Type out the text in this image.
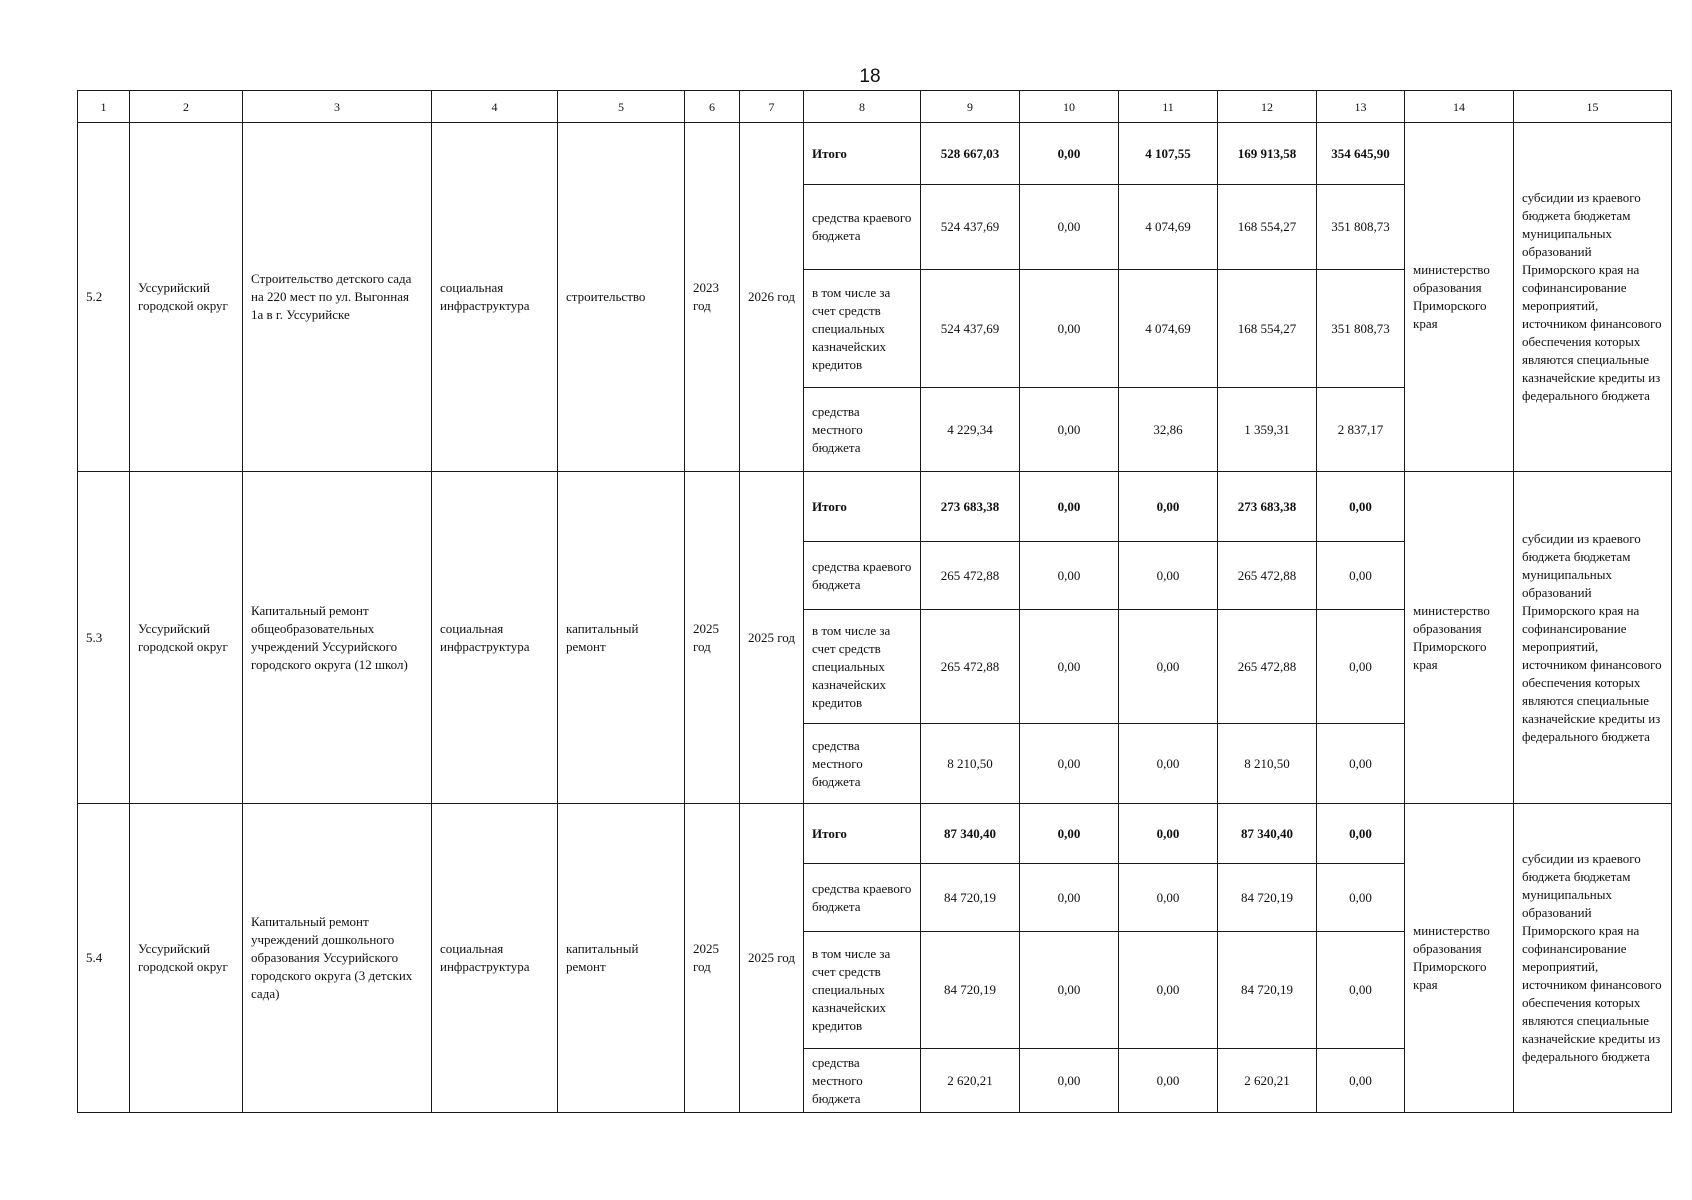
18
1	2	3	4	5	6	7	8	9	10	11	12	13	14	15
5.2	Уссурийский городской округ	Строительство детского сада на 220 мест по ул. Выгонная 1а в г. Уссурийске	социальная инфраструктура	строительство	2023 год	2026 год	Итого	528 667,03	0,00	4 107,55	169 913,58	354 645,90	министерство образования Приморского края	субсидии из краевого бюджета бюджетам муниципальных образований Приморского края на софинансирование мероприятий, источником финансового обеспечения которых являются специальные казначейские кредиты из федерального бюджета
							средства краевого бюджета	524 437,69	0,00	4 074,69	168 554,27	351 808,73		
							в том числе за счет средств специальных казначейских кредитов	524 437,69	0,00	4 074,69	168 554,27	351 808,73		
							средства местного бюджета	4 229,34	0,00	32,86	1 359,31	2 837,17		
5.3	Уссурийский городской округ	Капитальный ремонт общеобразовательных учреждений Уссурийского городского округа (12 школ)	социальная инфраструктура	капитальный ремонт	2025 год	2025 год	Итого	273 683,38	0,00	0,00	273 683,38	0,00	министерство образования Приморского края	субсидии из краевого бюджета бюджетам муниципальных образований Приморского края на софинансирование мероприятий, источником финансового обеспечения которых являются специальные казначейские кредиты из федерального бюджета
							средства краевого бюджета	265 472,88	0,00	0,00	265 472,88	0,00		
							в том числе за счет средств специальных казначейских кредитов	265 472,88	0,00	0,00	265 472,88	0,00		
							средства местного бюджета	8 210,50	0,00	0,00	8 210,50	0,00		
5.4	Уссурийский городской округ	Капитальный ремонт учреждений дошкольного образования Уссурийского городского округа (3 детских сада)	социальная инфраструктура	капитальный ремонт	2025 год	2025 год	Итого	87 340,40	0,00	0,00	87 340,40	0,00	министерство образования Приморского края	субсидии из краевого бюджета бюджетам муниципальных образований Приморского края на софинансирование мероприятий, источником финансового обеспечения которых являются специальные казначейские кредиты из федерального бюджета
							средства краевого бюджета	84 720,19	0,00	0,00	84 720,19	0,00		
							в том числе за счет средств специальных казначейских кредитов	84 720,19	0,00	0,00	84 720,19	0,00		
							средства местного бюджета	2 620,21	0,00	0,00	2 620,21	0,00		
